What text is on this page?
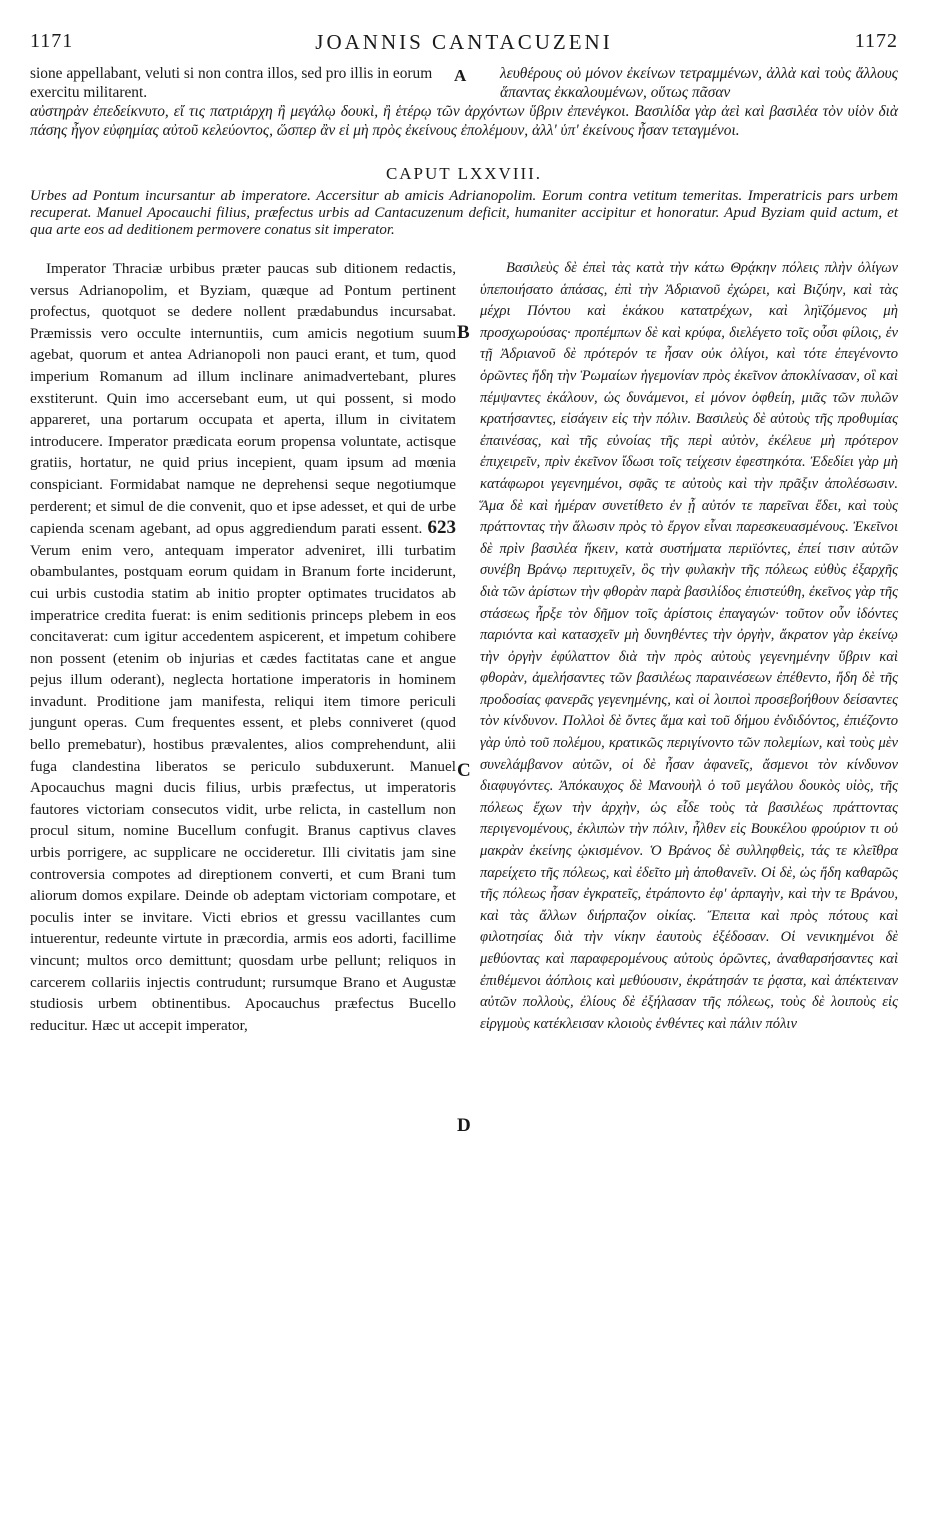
1171	JOANNIS CANTACUZENI	1172
sione appellabant, veluti si non contra illos, sed pro illis in eorum exercitu militarent.
λευθέρους οὐ μόνον ἐκείνων τετραμμένων, ἀλλὰ καὶ τοὺς ἄλλους ἅπαντας ἐκκαλουμένων, οὕτως πᾶσαν
αὐστηρὰν ἐπεδείκνυτο, εἴ τις πατριάρχη ἢ μεγάλῳ δουκὶ, ἢ ἑτέρῳ τῶν ἀρχόντων ὕβριν ἐπενέγκοι. Βασιλίδα γὰρ ἀεὶ καὶ βασιλέα τὸν υἱὸν διὰ πάσης ἦγον εὐφημίας αὐτοῦ κελεύοντος, ὥσπερ ἂν εἰ μὴ πρὸς ἐκείνους ἐπολέμουν, ἀλλ' ὑπ' ἐκείνους ἦσαν τεταγμένοι.
A
CAPUT LXXVIII.
Urbes ad Pontum incursantur ab imperatore. Accersitur ab amicis Adrianopolim. Eorum contra vetitum temeritas. Imperatricis pars urbem recuperat. Manuel Apocauchi filius, præfectus urbis ad Cantacuzenum deficit, humaniter accipitur et honoratur. Apud Byziam quid actum, et qua arte eos ad deditionem permovere conatus sit imperator.

Imperator Thraciæ urbibus præter paucas sub ditionem redactis, versus Adrianopolim, et Byziam, quæque ad Pontum pertinent profectus, quotquot se dedere nollent prædabundus incursabat. Præmissis vero occulte internuntiis, cum amicis negotium suum agebat, quorum et antea Adrianopoli non pauci erant, et tum, quod imperium Romanum ad illum inclinare animadvertebant, plures exstiterunt. Quin imo accersebant eum, ut qui possent, si modo appareret, una portarum occupata et aperta, illum in civitatem introducere. Imperator prædicata eorum propensa voluntate, actisque gratiis, hortatur, ne quid prius incepient, quam ipsum ad mœnia conspiciant. Formidabat namque ne deprehensi seque negotiumque perderent; et simul de die convenit, quo et ipse adesset, et qui de urbe capienda scenam agebant, ad opus aggrediendum parati essent. 623 Verum enim vero, antequam imperator adveniret, illi turbatim obambulantes, postquam eorum quidam in Branum forte inciderunt, cui urbis custodia statim ab initio propter optimates trucidatos ab imperatrice credita fuerat: is enim seditionis princeps plebem in eos concitaverat: cum igitur accedentem aspicerent, et impetum cohibere non possent (etenim ob injurias et cædes factitatas cane et angue pejus illum oderant), neglecta hortatione imperatoris in hominem invadunt. Proditione jam manifesta, reliqui item timore periculi jungunt operas. Cum frequentes essent, et plebs conniveret (quod bello premebatur), hostibus prævalentes, alios comprehendunt, alii fuga clandestina liberatos se periculo subduxerunt. Manuel Apocauchus magni ducis filius, urbis præfectus, ut imperatoris fautores victoriam consecutos vidit, urbe relicta, in castellum non procul situm, nomine Bucellum confugit. Branus captivus claves urbis porrigere, ac supplicare ne occideretur. Illi civitatis jam sine controversia compotes ad direptionem converti, et cum Brani tum aliorum domos expilare. Deinde ob adeptam victoriam compotare, et poculis inter se invitare. Victi ebrios et gressu vacillantes cum intuerentur, redeunte virtute in præcordia, armis eos adorti, facillime vincunt; multos orco demittunt; quosdam urbe pellunt; reliquos in carcerem collariis injectis contrudunt; rursumque Brano et Augustæ studiosis urbem obtinentibus. Apocauchus præfectus Bucello reducitur. Hæc ut accepit imperator,

Βασιλεὺς δὲ ἐπεὶ τὰς κατὰ τὴν κάτω Θρᾴκην πόλεις πλὴν ὀλίγων ὑπεποιήσατο ἁπάσας, ἐπὶ τὴν Ἀδριανοῦ ἐχώρει, καὶ Βιζύην, καὶ τὰς μέχρι Πόντου καὶ ἑκάκου κατατρέχων, καὶ ληϊζόμενος μὴ προσχωρούσας· προπέμπων δὲ καὶ κρύφα, διελέγετο τοῖς οὖσι φίλοις, ἐν τῇ Ἀδριανοῦ δὲ πρότερόν τε ἦσαν οὐκ ὀλίγοι, καὶ τότε ἐπεγένοντο ὁρῶντες ἤδη τὴν Ῥωμαίων ἡγεμονίαν πρὸς ἐκεῖνον ἀποκλίνασαν, οἳ καὶ πέμψαντες ἐκάλουν, ὡς δυνάμενοι, εἰ μόνον ὀφθείη, μιᾶς τῶν πυλῶν κρατήσαντες, εἰσάγειν εἰς τὴν πόλιν. Βασιλεὺς δὲ αὐτοὺς τῆς προθυμίας ἐπαινέσας, καὶ τῆς εὐνοίας τῆς περὶ αὐτὸν, ἐκέλευε μὴ πρότερον ἐπιχειρεῖν, πρὶν ἐκεῖνον ἴδωσι τοῖς τείχεσιν ἐφεστηκότα. Ἐδεδίει γὰρ μὴ κατάφωροι γεγενημένοι, σφᾶς τε αὐτοὺς καὶ τὴν πρᾶξιν ἀπολέσωσιν. Ἅμα δὲ καὶ ἡμέραν συνετίθετο ἐν ᾗ αὐτόν τε παρεῖναι ἔδει, καὶ τοὺς πράττοντας τὴν ἅλωσιν πρὸς τὸ ἔργον εἶναι παρεσκευασμένους. Ἐκεῖνοι δὲ πρὶν βασιλέα ἥκειν, κατὰ συστήματα περιϊόντες, ἐπεί τισιν αὐτῶν συνέβη Βράνῳ περιτυχεῖν, ὃς τὴν φυλακὴν τῆς πόλεως εὐθὺς ἐξαρχῆς διὰ τῶν ἀρίστων τὴν φθορὰν παρὰ βασιλίδος ἐπιστεύθη, ἐκεῖνος γὰρ τῆς στάσεως ἦρξε τὸν δῆμον τοῖς ἀρίστοις ἐπαγαγών· τοῦτον οὖν ἰδόντες παριόντα καὶ κατασχεῖν μὴ δυνηθέντες τὴν ὀργὴν, ἄκρατον γὰρ ἐκείνῳ τὴν ὀργὴν ἐφύλαττον διὰ τὴν πρὸς αὐτοὺς γεγενημένην ὕβριν καὶ φθορὰν, ἀμελήσαντες τῶν βασιλέως παραινέσεων ἐπέθεντο, ἤδη δὲ τῆς προδοσίας φανερᾶς γεγενημένης, καὶ οἱ λοιποὶ προσεβοήθουν δείσαντες τὸν κίνδυνον. Πολλοὶ δὲ ὄντες ἅμα καὶ τοῦ δήμου ἐνδιδόντος, ἐπιέζοντο γὰρ ὑπὸ τοῦ πολέμου, κρατικῶς περιγίνοντο τῶν πολεμίων, καὶ τοὺς μὲν συνελάμβανον αὐτῶν, οἱ δὲ ἦσαν ἀφανεῖς, ἄσμενοι τὸν κίνδυνον διαφυγόντες. Ἀπόκαυχος δὲ Μανουὴλ ὁ τοῦ μεγάλου δουκὸς υἱὸς, τῆς πόλεως ἔχων τὴν ἀρχὴν, ὡς εἶδε τοὺς τὰ βασιλέως πράττοντας περιγενομένους, ἐκλιπὼν τὴν πόλιν, ἦλθεν εἰς Βουκέλου φρούριον τι οὐ μακρὰν ἐκείνης ᾠκισμένον. Ὁ Βράνος δὲ συλληφθεὶς, τάς τε κλεῖθρα παρείχετο τῆς πόλεως, καὶ ἐδεῖτο μὴ ἀποθανεῖν. Οἱ δὲ, ὡς ἤδη καθαρῶς τῆς πόλεως ἦσαν ἐγκρατεῖς, ἐτράποντο ἐφ' ἁρπαγὴν, καὶ τὴν τε Βράνου, καὶ τὰς ἄλλων διήρπαζον οἰκίας. Ἔπειτα καὶ πρὸς πότους καὶ φιλοτησίας διὰ τὴν νίκην ἑαυτοὺς ἐξέδοσαν. Οἱ νενικημένοι δὲ μεθύοντας καὶ παραφερομένους αὐτοὺς ὁρῶντες, ἀναθαρσήσαντες καὶ ἐπιθέμενοι ἀόπλοις καὶ μεθύουσιν, ἐκράτησάν τε ῥᾳστα, καὶ ἀπέκτειναν αὐτῶν πολλοὺς, ἐλίους δὲ ἐξήλασαν τῆς πόλεως, τοὺς δὲ λοιποὺς εἰς εἱργμοὺς κατέκλεισαν κλοιοὺς ἐνθέντες καὶ πάλιν πόλιν

B
C
D
